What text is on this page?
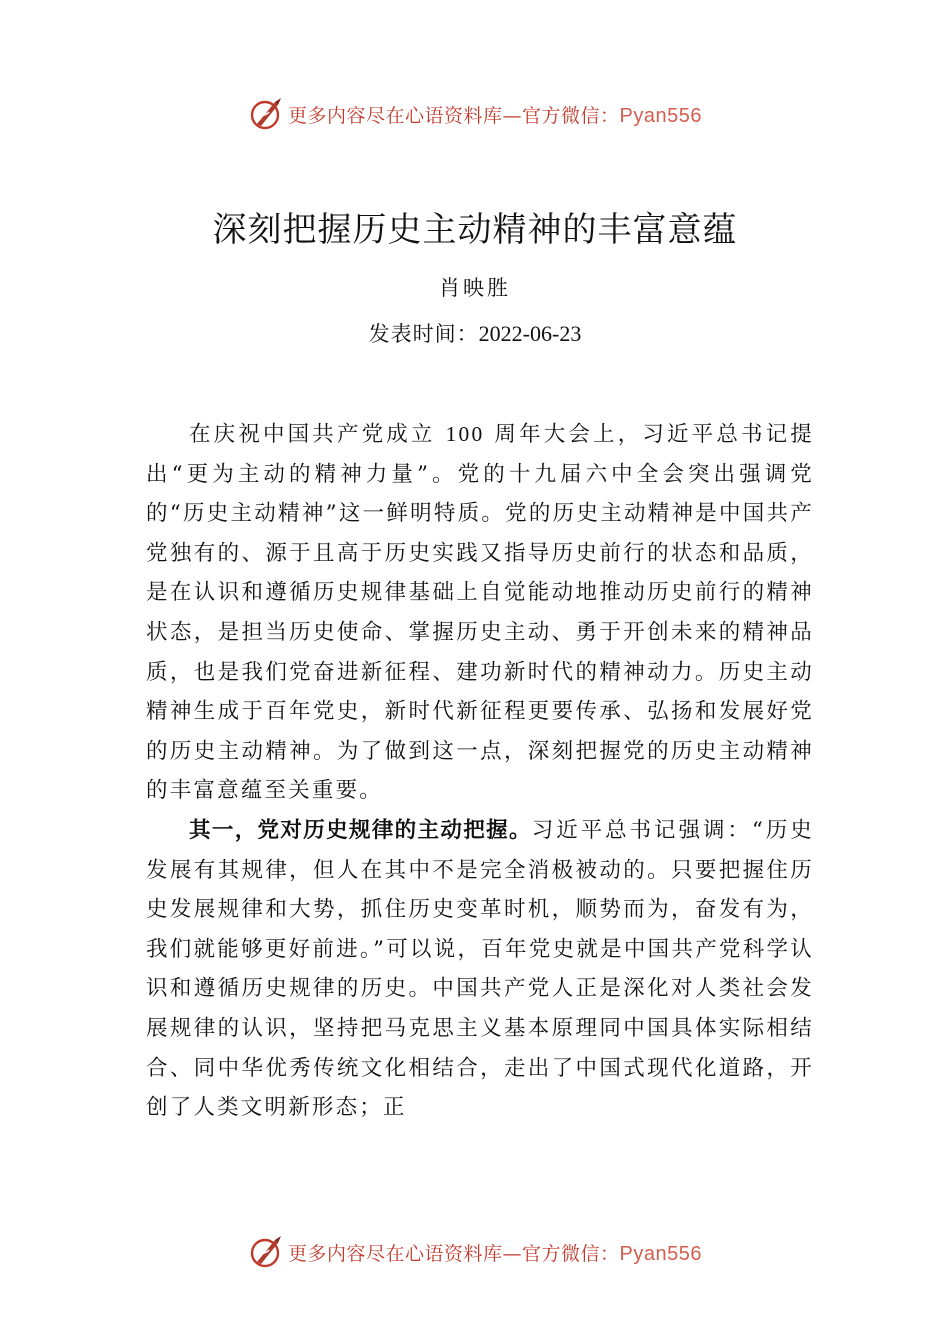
更多内容尽在心语资料库—官方微信：Pyan556
深刻把握历史主动精神的丰富意蕴
肖映胜
发表时间：2022-06-23

在庆祝中国共产党成立 100 周年大会上，习近平总书记提出“更为主动的精神力量”。党的十九届六中全会突出强调党的“历史主动精神”这一鲜明特质。党的历史主动精神是中国共产党独有的、源于且高于历史实践又指导历史前行的状态和品质，是在认识和遵循历史规律基础上自觉能动地推动历史前行的精神状态，是担当历史使命、掌握历史主动、勇于开创未来的精神品质，也是我们党奋进新征程、建功新时代的精神动力。历史主动精神生成于百年党史，新时代新征程更要传承、弘扬和发展好党的历史主动精神。为了做到这一点，深刻把握党的历史主动精神的丰富意蕴至关重要。

其一，党对历史规律的主动把握。习近平总书记强调：“历史发展有其规律，但人在其中不是完全消极被动的。只要把握住历史发展规律和大势，抓住历史变革时机，顺势而为，奋发有为，我们就能够更好前进。”可以说，百年党史就是中国共产党科学认识和遵循历史规律的历史。中国共产党人正是深化对人类社会发展规律的认识，坚持把马克思主义基本原理同中国具体实际相结合、同中华优秀传统文化相结合，走出了中国式现代化道路，开创了人类文明新形态；正

更多内容尽在心语资料库—官方微信：Pyan556
